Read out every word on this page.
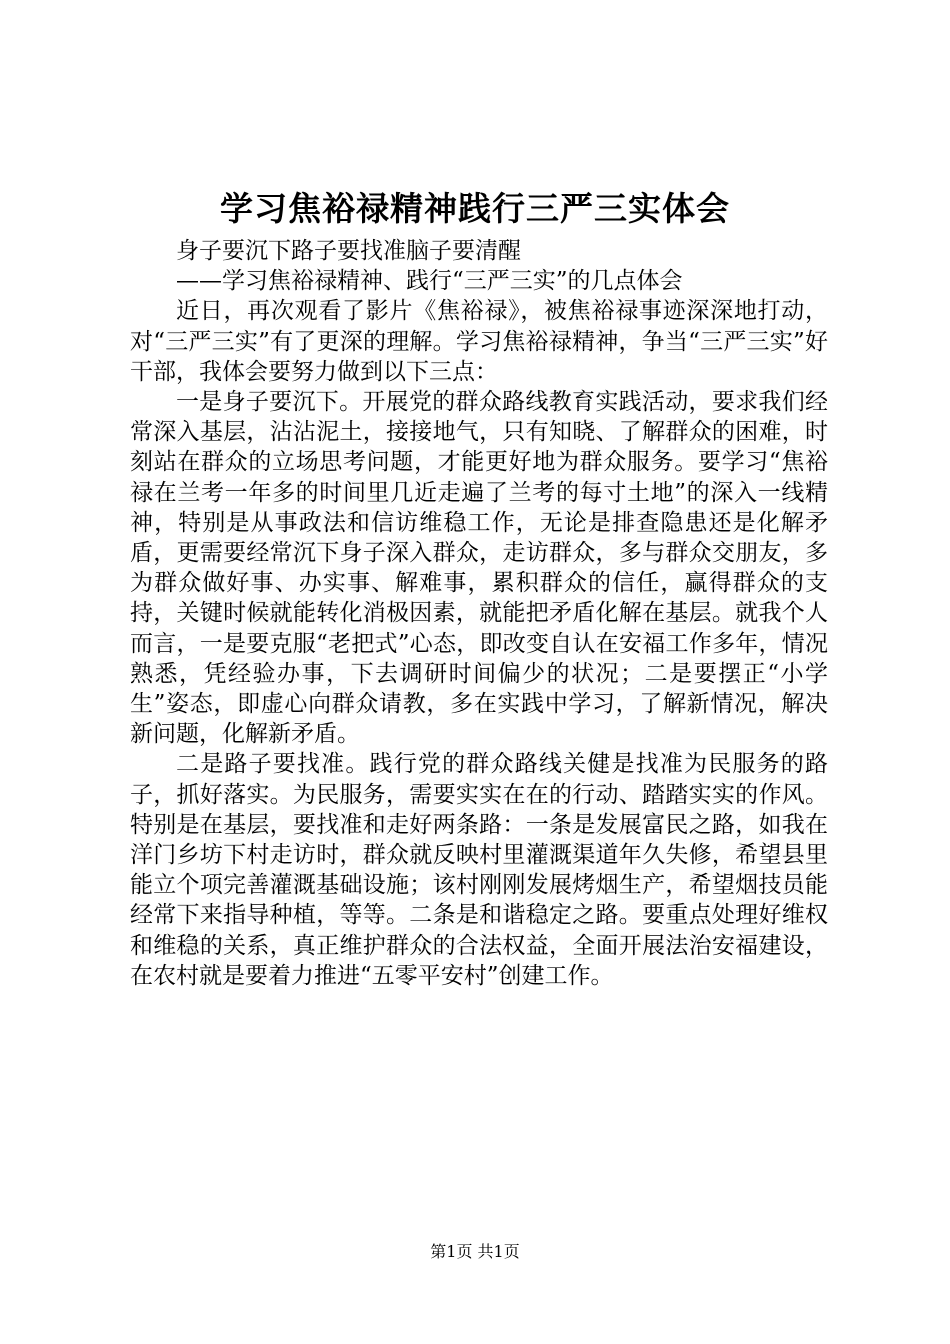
学习焦裕禄精神践行三严三实体会

身子要沉下路子要找准脑子要清醒

——学习焦裕禄精神、践行“三严三实”的几点体会

近日，再次观看了影片《焦裕禄》，被焦裕禄事迹深深地打动，对“三严三实”有了更深的理解。学习焦裕禄精神，争当“三严三实”好干部，我体会要努力做到以下三点：

一是身子要沉下。开展党的群众路线教育实践活动，要求我们经常深入基层，沾沾泥土，接接地气，只有知晓、了解群众的困难，时刻站在群众的立场思考问题，才能更好地为群众服务。要学习“焦裕禄在兰考一年多的时间里几近走遍了兰考的每寸土地”的深入一线精神，特别是从事政法和信访维稳工作，无论是排查隐患还是化解矛盾，更需要经常沉下身子深入群众，走访群众，多与群众交朋友，多为群众做好事、办实事、解难事，累积群众的信任，赢得群众的支持，关键时候就能转化消极因素，就能把矛盾化解在基层。就我个人而言，一是要克服“老把式”心态，即改变自认在安福工作多年，情况熟悉，凭经验办事，下去调研时间偏少的状况；二是要摆正“小学生”姿态，即虚心向群众请教，多在实践中学习，了解新情况，解决新问题，化解新矛盾。

二是路子要找准。践行党的群众路线关健是找准为民服务的路子，抓好落实。为民服务，需要实实在在的行动、踏踏实实的作风。特别是在基层，要找准和走好两条路：一条是发展富民之路，如我在洋门乡坊下村走访时，群众就反映村里灌溉渠道年久失修，希望县里能立个项完善灌溉基础设施；该村刚刚发展烤烟生产，希望烟技员能经常下来指导种植，等等。二条是和谐稳定之路。要重点处理好维权和维稳的关系，真正维护群众的合法权益，全面开展法治安福建设，在农村就是要着力推进“五零平安村”创建工作。

第1页 共1页
